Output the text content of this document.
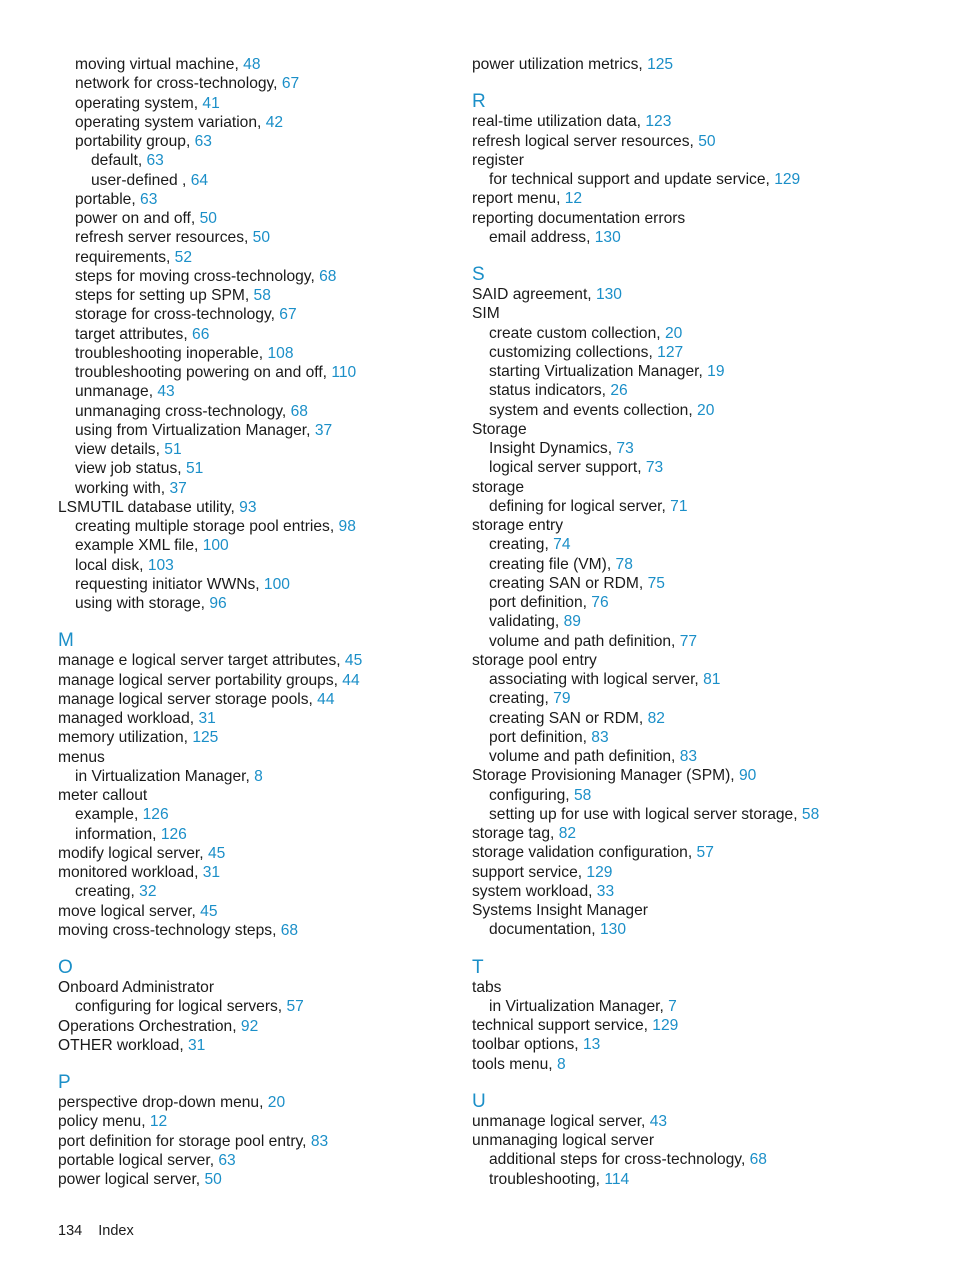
moving virtual machine, 48
network for cross-technology, 67
operating system, 41
operating system variation, 42
portability group, 63
default, 63
user-defined , 64
portable, 63
power on and off, 50
refresh server resources, 50
requirements, 52
steps for moving cross-technology, 68
steps for setting up SPM, 58
storage for cross-technology, 67
target attributes, 66
troubleshooting inoperable, 108
troubleshooting powering on and off, 110
unmanage, 43
unmanaging cross-technology, 68
using from Virtualization Manager, 37
view details, 51
view job status, 51
working with, 37
LSMUTIL database utility, 93
creating multiple storage pool entries, 98
example XML file, 100
local disk, 103
requesting initiator WWNs, 100
using with storage, 96
M
manage e logical server target attributes, 45
manage logical server portability groups, 44
manage logical server storage pools, 44
managed workload, 31
memory utilization, 125
menus
in Virtualization Manager, 8
meter callout
example, 126
information, 126
modify logical server, 45
monitored workload, 31
creating, 32
move logical server, 45
moving cross-technology steps, 68
O
Onboard Administrator
configuring for logical servers, 57
Operations Orchestration, 92
OTHER workload, 31
P
perspective drop-down menu, 20
policy menu, 12
port definition for storage pool entry, 83
portable logical server, 63
power logical server, 50
power utilization metrics, 125
R
real-time utilization data, 123
refresh logical server resources, 50
register
for technical support and update service, 129
report menu, 12
reporting documentation errors
email address, 130
S
SAID agreement, 130
SIM
create custom collection, 20
customizing collections, 127
starting Virtualization Manager, 19
status indicators, 26
system and events collection, 20
Storage
Insight Dynamics, 73
logical server support, 73
storage
defining for logical server, 71
storage entry
creating, 74
creating file (VM), 78
creating SAN or RDM, 75
port definition, 76
validating, 89
volume and path definition, 77
storage pool entry
associating with logical server, 81
creating, 79
creating SAN or RDM, 82
port definition, 83
volume and path definition, 83
Storage Provisioning Manager (SPM), 90
configuring, 58
setting up for use with logical server storage, 58
storage tag, 82
storage validation configuration, 57
support service, 129
system workload, 33
Systems Insight Manager
documentation, 130
T
tabs
in Virtualization Manager, 7
technical support service, 129
toolbar options, 13
tools menu, 8
U
unmanage logical server, 43
unmanaging logical server
additional steps for cross-technology, 68
troubleshooting, 114
134 Index
